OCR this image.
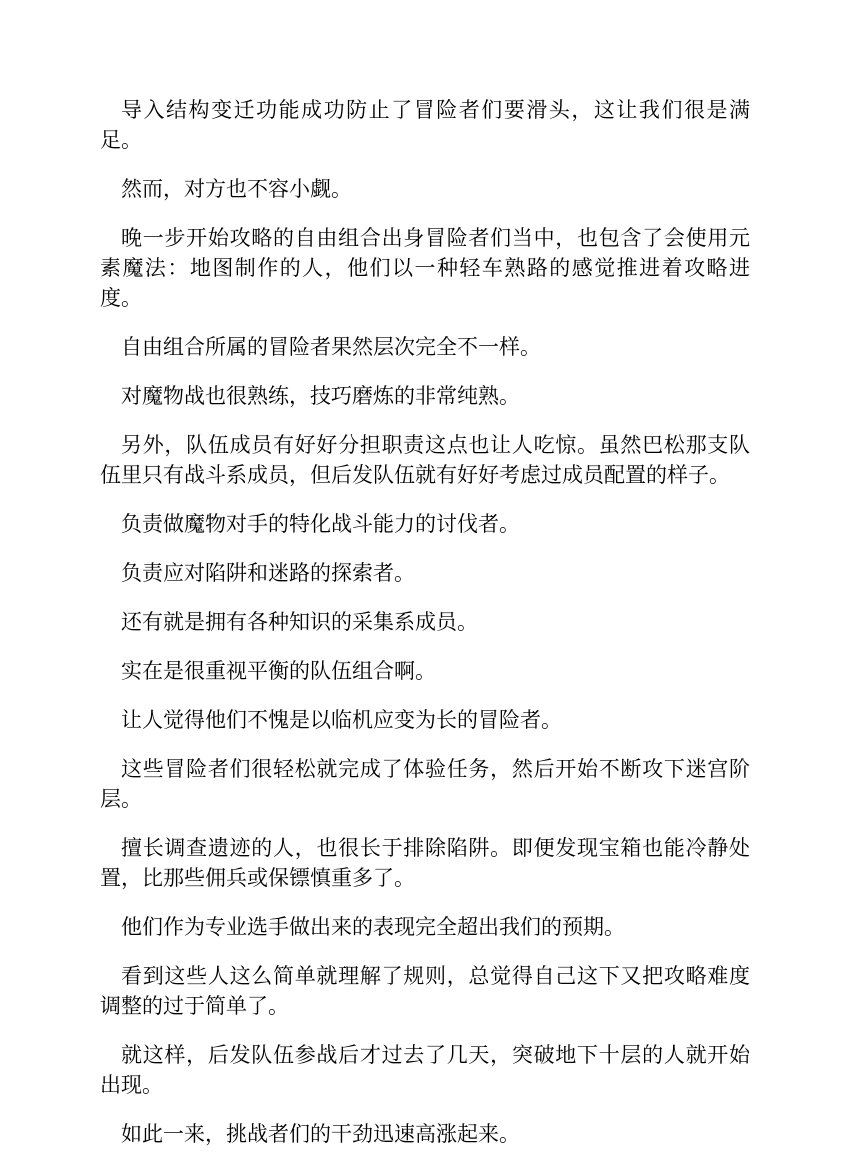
导入结构变迁功能成功防止了冒险者们要滑头，这让我们很是满足。

然而，对方也不容小觑。

晚一步开始攻略的自由组合出身冒险者们当中，也包含了会使用元素魔法：地图制作的人，他们以一种轻车熟路的感觉推进着攻略进度。

自由组合所属的冒险者果然层次完全不一样。

对魔物战也很熟练，技巧磨炼的非常纯熟。

另外，队伍成员有好好分担职责这点也让人吃惊。虽然巴松那支队伍里只有战斗系成员，但后发队伍就有好好考虑过成员配置的样子。

负责做魔物对手的特化战斗能力的讨伐者。

负责应对陷阱和迷路的探索者。

还有就是拥有各种知识的采集系成员。

实在是很重视平衡的队伍组合啊。

让人觉得他们不愧是以临机应变为长的冒险者。

这些冒险者们很轻松就完成了体验任务，然后开始不断攻下迷宫阶层。

擅长调查遗迹的人，也很长于排除陷阱。即便发现宝箱也能冷静处置，比那些佣兵或保镖慎重多了。

他们作为专业选手做出来的表现完全超出我们的预期。

看到这些人这么简单就理解了规则，总觉得自己这下又把攻略难度调整的过于简单了。

就这样，后发队伍参战后才过去了几天，突破地下十层的人就开始出现。

如此一来，挑战者们的干劲迅速高涨起来。
